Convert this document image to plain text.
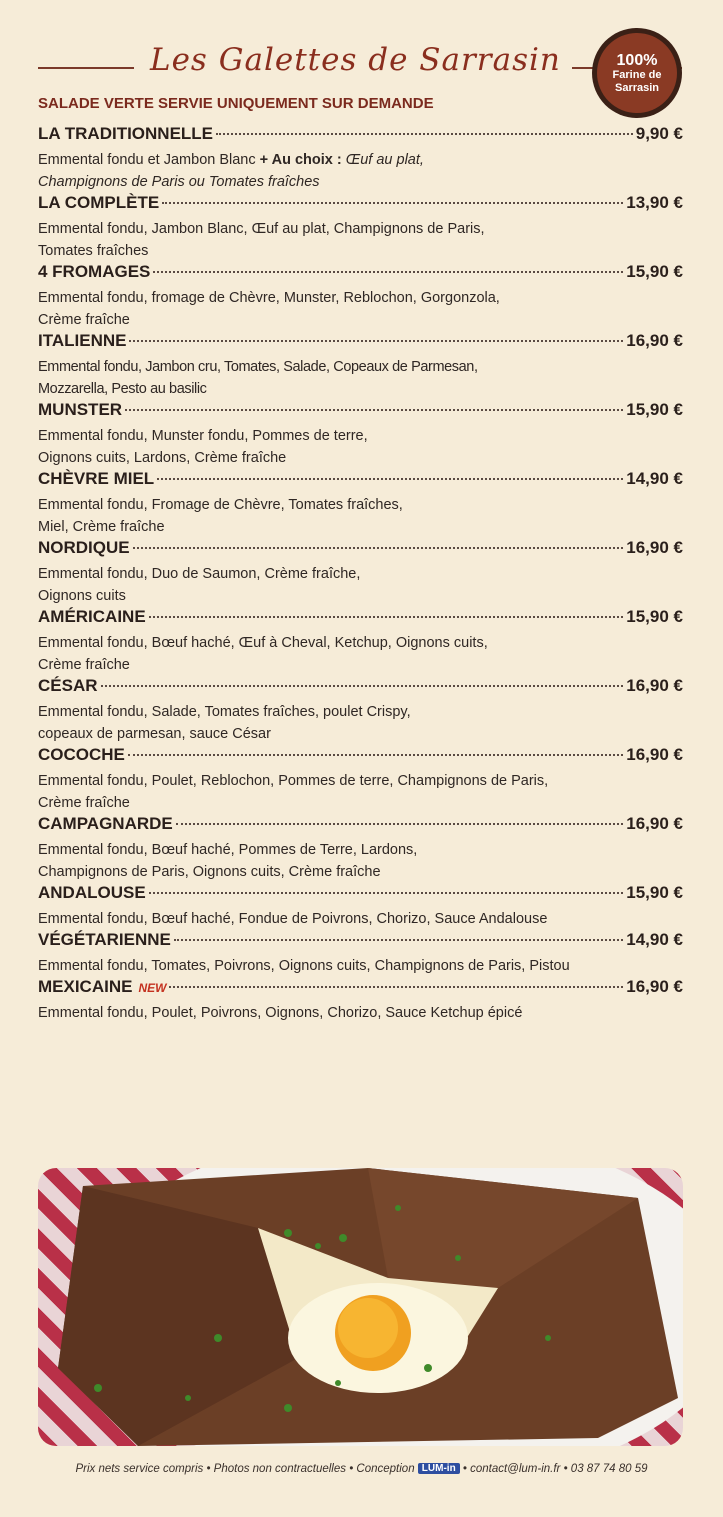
Les Galettes de Sarrasin	100%
Farine de
Sarrasin
SALADE VERTE SERVIE UNIQUEMENT SUR DEMANDE
LA TRADITIONNELLE	9,90 €
Emmental fondu et Jambon Blanc + Au choix : Œuf au plat,
Champignons de Paris ou Tomates fraîches
LA COMPLÈTE	13,90 €
Emmental fondu, Jambon Blanc, Œuf au plat, Champignons de Paris,
Tomates fraîches
4 FROMAGES	15,90 €
Emmental fondu, fromage de Chèvre, Munster, Reblochon, Gorgonzola,
Crème fraîche
ITALIENNE	16,90 €
Emmental fondu, Jambon cru, Tomates, Salade, Copeaux de Parmesan,
Mozzarella, Pesto au basilic
MUNSTER	15,90 €
Emmental fondu, Munster fondu, Pommes de terre,
Oignons cuits, Lardons, Crème fraîche
CHÈVRE MIEL	14,90 €
Emmental fondu, Fromage de Chèvre, Tomates fraîches,
Miel, Crème fraîche
NORDIQUE	16,90 €
Emmental fondu, Duo de Saumon, Crème fraîche,
Oignons cuits
AMÉRICAINE	15,90 €
Emmental fondu, Bœuf haché, Œuf à Cheval, Ketchup, Oignons cuits,
Crème fraîche
CÉSAR	16,90 €
Emmental fondu, Salade, Tomates fraîches, poulet Crispy,
copeaux de parmesan, sauce César
COCOCHE	16,90 €
Emmental fondu, Poulet, Reblochon, Pommes de terre, Champignons de Paris,
Crème fraîche
CAMPAGNARDE	16,90 €
Emmental fondu, Bœuf haché, Pommes de Terre, Lardons,
Champignons de Paris, Oignons cuits, Crème fraîche
ANDALOUSE	15,90 €
Emmental fondu, Bœuf haché, Fondue de Poivrons, Chorizo, Sauce Andalouse
VÉGÉTARIENNE	14,90 €
Emmental fondu, Tomates, Poivrons, Oignons cuits, Champignons de Paris, Pistou
MEXICAINE NEW	16,90 €
Emmental fondu, Poulet, Poivrons, Oignons, Chorizo, Sauce Ketchup épicé
Prix nets service compris • Photos non contractuelles • Conception LUM-in • contact@lum-in.fr • 03 87 74 80 59
